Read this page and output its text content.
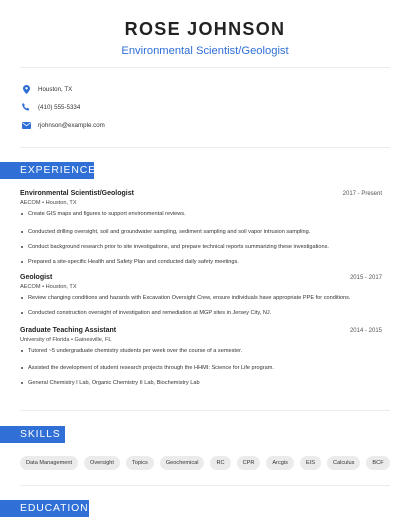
ROSE JOHNSON
Environmental Scientist/Geologist
Houston, TX
(410) 555-5334
rjohnson@example.com
EXPERIENCE
Environmental Scientist/Geologist	2017 - Present
AECOM • Houston, TX
Create GIS maps and figures to support environmental reviews.
Conducted drilling oversight, soil and groundwater sampling, sediment sampling and soil vapor intrusion sampling.
Conduct background research prior to site investigations, and prepare technical reports summarizing these investigations.
Prepared a site-specific Health and Safety Plan and conducted daily safety meetings.
Geologist	2015 - 2017
AECOM • Houston, TX
Review changing conditions and hazards with Excavation Oversight Crew, ensure individuals have appropriate PPE for conditions.
Conducted construction oversight of investigation and remediation at MGP sites in Jersey City, NJ.
Graduate Teaching Assistant	2014 - 2015
University of Florida • Gainesville, FL
Tutored ~5 undergraduate chemistry students per week over the course of a semester.
Assisted the development of student research projects through the HHMI: Science for Life program.
General Chemistry I Lab, Organic Chemistry II Lab, Biochemistry Lab
SKILLS
Data Management	Oversight	Topics	Geochemical	RC	CPR	Arcgis	EIS	Calculus	BCF
EDUCATION
